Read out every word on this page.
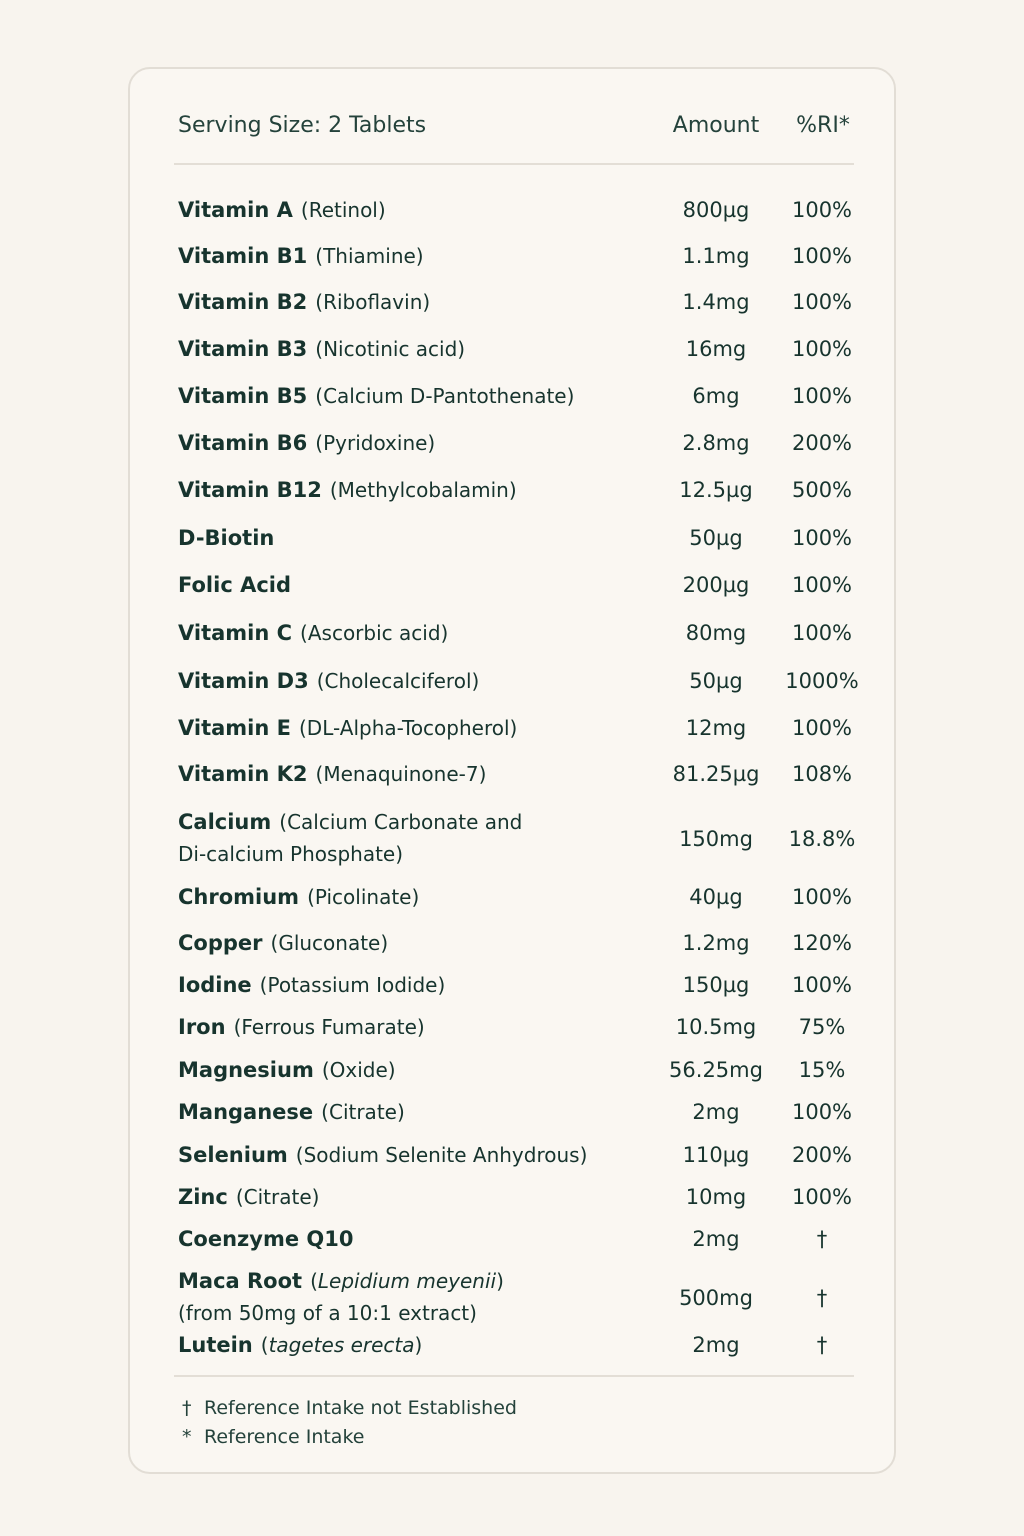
Serving Size: 2 Tablets	Amount	%RI*
Vitamin A (Retinol)	800µg	100%
Vitamin B1 (Thiamine)	1.1mg	100%
Vitamin B2 (Riboflavin)	1.4mg	100%
Vitamin B3 (Nicotinic acid)	16mg	100%
Vitamin B5 (Calcium D-Pantothenate)	6mg	100%
Vitamin B6 (Pyridoxine)	2.8mg	200%
Vitamin B12 (Methylcobalamin)	12.5µg	500%
D-Biotin	50µg	100%
Folic Acid	200µg	100%
Vitamin C (Ascorbic acid)	80mg	100%
Vitamin D3 (Cholecalciferol)	50µg	1000%
Vitamin E (DL-Alpha-Tocopherol)	12mg	100%
Vitamin K2 (Menaquinone-7)	81.25µg	108%
Calcium (Calcium Carbonate and
Di-calcium Phosphate)
150mg	18.8%
Chromium (Picolinate)	40µg	100%
Copper (Gluconate)	1.2mg	120%
Iodine (Potassium Iodide)	150µg	100%
Iron (Ferrous Fumarate)	10.5mg	75%
Magnesium (Oxide)	56.25mg	15%
Manganese (Citrate)	2mg	100%
Selenium (Sodium Selenite Anhydrous)	110µg	200%
Zinc (Citrate)	10mg	100%
Coenzyme Q10	2mg	†
Maca Root (Lepidium meyenii)
(from 50mg of a 10:1 extract)
500mg	†
Lutein (tagetes erecta)	2mg	†
† Reference Intake not Established
* Reference Intake
